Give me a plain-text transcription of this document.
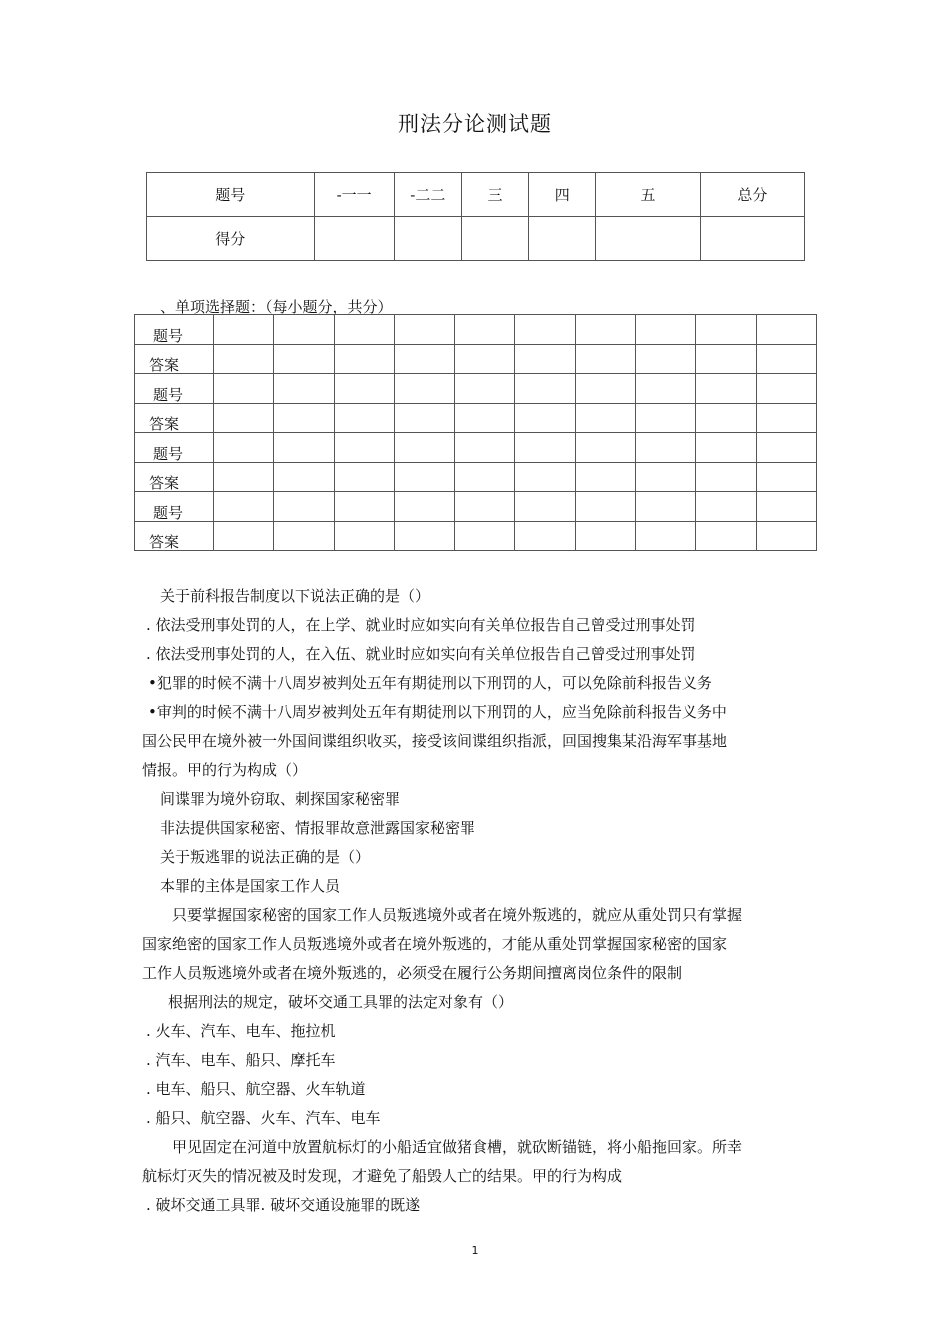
刑法分论测试题
题号	-一一	-二二	三	四	五	总分
得分						
、单项选择题：（每小题分，共分）
题号										
答案										
题号										
答案										
题号										
答案										
题号										
答案										
关于前科报告制度以下说法正确的是（）
. 依法受刑事处罚的人，在上学、就业时应如实向有关单位报告自己曾受过刑事处罚
. 依法受刑事处罚的人，在入伍、就业时应如实向有关单位报告自己曾受过刑事处罚
•犯罪的时候不满十八周岁被判处五年有期徒刑以下刑罚的人，可以免除前科报告义务
•审判的时候不满十八周岁被判处五年有期徒刑以下刑罚的人，应当免除前科报告义务中
国公民甲在境外被一外国间谍组织收买，接受该间谍组织指派，回国搜集某沿海军事基地
情报。甲的行为构成（）
间谍罪为境外窃取、刺探国家秘密罪
非法提供国家秘密、情报罪故意泄露国家秘密罪
关于叛逃罪的说法正确的是（）
本罪的主体是国家工作人员
只要掌握国家秘密的国家工作人员叛逃境外或者在境外叛逃的，就应从重处罚只有掌握
国家绝密的国家工作人员叛逃境外或者在境外叛逃的，才能从重处罚掌握国家秘密的国家
工作人员叛逃境外或者在境外叛逃的，必须受在履行公务期间擅离岗位条件的限制
根据刑法的规定，破坏交通工具罪的法定对象有（）
. 火车、汽车、电车、拖拉机
. 汽车、电车、船只、摩托车
. 电车、船只、航空器、火车轨道
. 船只、航空器、火车、汽车、电车
甲见固定在河道中放置航标灯的小船适宜做猪食槽，就砍断锚链，将小船拖回家。所幸
航标灯灭失的情况被及时发现，才避免了船毁人亡的结果。甲的行为构成
. 破坏交通工具罪. 破坏交通设施罪的既遂
1
